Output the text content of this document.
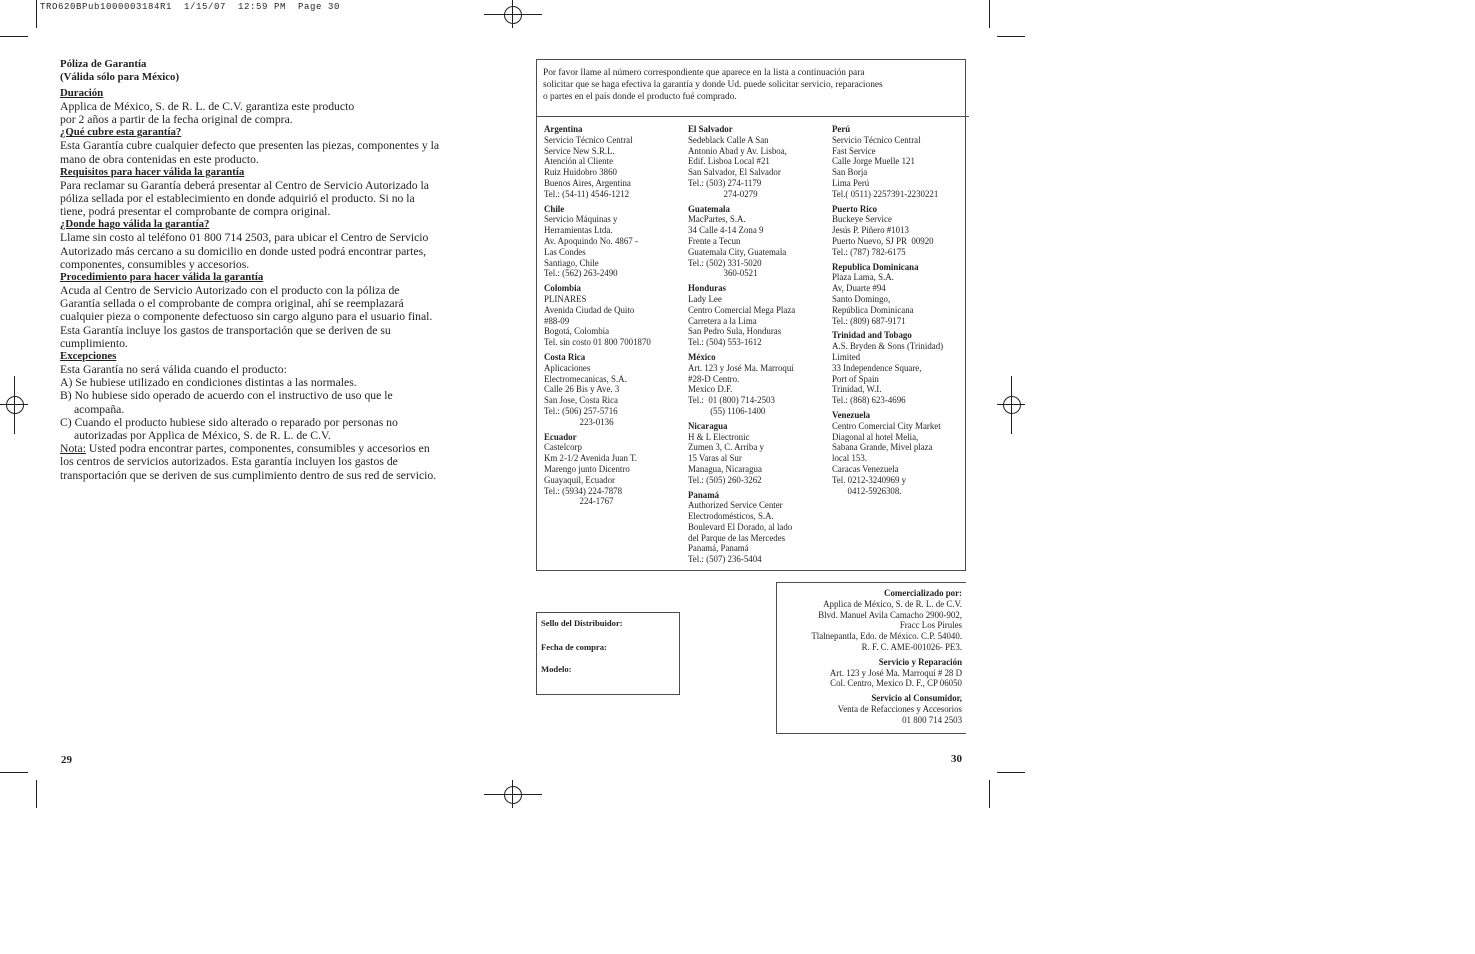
TRO620BPub1000003184R1  1/15/07  12:59 PM  Page 30
Póliza de Garantía
(Válida sólo para México)
Duración

Applica de México, S. de R. L. de C.V. garantiza este producto

por 2 años a partir de la fecha original de compra.

¿Qué cubre esta garantía?

Esta Garantía cubre cualquier defecto que presenten las piezas, componentes y la

mano de obra contenidas en este producto.

Requisitos para hacer válida la garantía

Para reclamar su Garantía deberá presentar al Centro de Servicio Autorizado la

póliza sellada por el establecimiento en donde adquirió el producto. Si no la

tiene, podrá presentar el comprobante de compra original.

¿Donde hago válida la garantía?

Llame sin costo al teléfono 01 800 714 2503, para ubicar el Centro de Servicio

Autorizado más cercano a su domicilio en donde usted podrá encontrar partes,

componentes, consumibles y accesorios.

Procedimiento para hacer válida la garantía

Acuda al Centro de Servicio Autorizado con el producto con la póliza de

Garantía sellada o el comprobante de compra original, ahí se reemplazará

cualquier pieza o componente defectuoso sin cargo alguno para el usuario final.

Esta Garantía incluye los gastos de transportación que se deriven de su

cumplimiento.

Excepciones

Esta Garantía no será válida cuando el producto:

A) Se hubiese utilizado en condiciones distintas a las normales.

B) No hubiese sido operado de acuerdo con el instructivo de uso que le

acompaña.

C) Cuando el producto hubiese sido alterado o reparado por personas no

autorizadas por Applica de México, S. de R. L. de C.V.

Nota: Usted podra encontrar partes, componentes, consumibles y accesorios en
los centros de servicios autorizados. Esta garantía incluyen los gastos de
transportación que se deriven de sus cumplimiento dentro de sus red de servicio.

29
Por favor llame al número correspondiente que aparece en la lista a continuación para
solicitar que se haga efectiva la garantía y donde Ud. puede solicitar servicio, reparaciones
o partes en el país donde el producto fué comprado.
Argentina
Servicio Técnico Central
Service New S.R.L.
Atención al Cliente
Ruiz Huidobro 3860
Buenos Aires, Argentina
Tel.: (54-11) 4546-1212
Chile
Servicio Máquinas y
Herramientas Ltda.
Av. Apoquindo No. 4867 -
Las Condes
Santiago, Chile
Tel.: (562) 263-2490
Colombia
PLINARES
Avenida Ciudad de Quito
#88-09
Bogotá, Colombia
Tel. sin costo 01 800 7001870
Costa Rica
Aplicaciones
Electromecanicas, S.A.
Calle 26 Bis y Ave. 3
San Jose, Costa Rica
Tel.: (506) 257-5716
223-0136
Ecuador
Castelcorp
Km 2-1/2 Avenida Juan T.
Marengo junto Dicentro
Guayaquil, Ecuador
Tel.: (5934) 224-7878
224-1767
El Salvador
Sedeblack Calle A San
Antonio Abad y Av. Lisboa,
Edif. Lisboa Local #21
San Salvador, El Salvador
Tel.: (503) 274-1179
274-0279
Guatemala
MacPartes, S.A.
34 Calle 4-14 Zona 9
Frente a Tecun
Guatemala City, Guatemala
Tel.: (502) 331-5020
360-0521
Honduras
Lady Lee
Centro Comercial Mega Plaza
Carretera a la Lima
San Pedro Sula, Honduras
Tel.: (504) 553-1612
México
Art. 123 y José Ma. Marroquí
#28-D Centro.
Mexico D.F.
Tel.:  01 (800) 714-2503
(55) 1106-1400
Nicaragua
H & L Electronic
Zumen 3, C. Arriba y
15 Varas al Sur
Managua, Nicaragua
Tel.: (505) 260-3262
Panamá
Authorized Service Center
Electrodomésticos, S.A.
Boulevard El Dorado, al lado
del Parque de las Mercedes
Panamá, Panamá
Tel.: (507) 236-5404
Perú
Servicio Técnico Central
Fast Service
Calle Jorge Muelle 121
San Borja
Lima Perú
Tel.( 0511) 2257391-2230221
Puerto Rico
Buckeye Service
Jesús P. Piñero #1013
Puerto Nuevo, SJ PR  00920
Tel.: (787) 782-6175
Republica Dominicana
Plaza Lama, S.A.
Av, Duarte #94
Santo Domingo,
República Dominicana
Tel.: (809) 687-9171
Trinidad and Tobago
A.S. Bryden & Sons (Trinidad)
Limited
33 Independence Square,
Port of Spain
Trinidad, W.I.
Tel.: (868) 623-4696
Venezuela
Centro Comercial City Market
Diagonal al hotel Melia,
Sabana Grande, Mivel plaza
local 153.
Caracas Venezuela
Tel. 0212-3240969 y
0412-5926308.
Sello del Distribuidor:
Fecha de compra:
Modelo:
Comercializado por:
Applica de México, S. de R. L. de C.V.
Blvd. Manuel Avila Camacho 2900-902,
Fracc Los Pirules
Tlalnepantla, Edo. de México. C.P. 54040.
R. F. C. AME-001026- PE3.
Servicio y Reparación
Art. 123 y José Ma. Marroquí # 28 D
Col. Centro, Mexico D. F., CP 06050
Servicio al Consumidor,
Venta de Refacciones y Accesorios
01 800 714 2503
30
